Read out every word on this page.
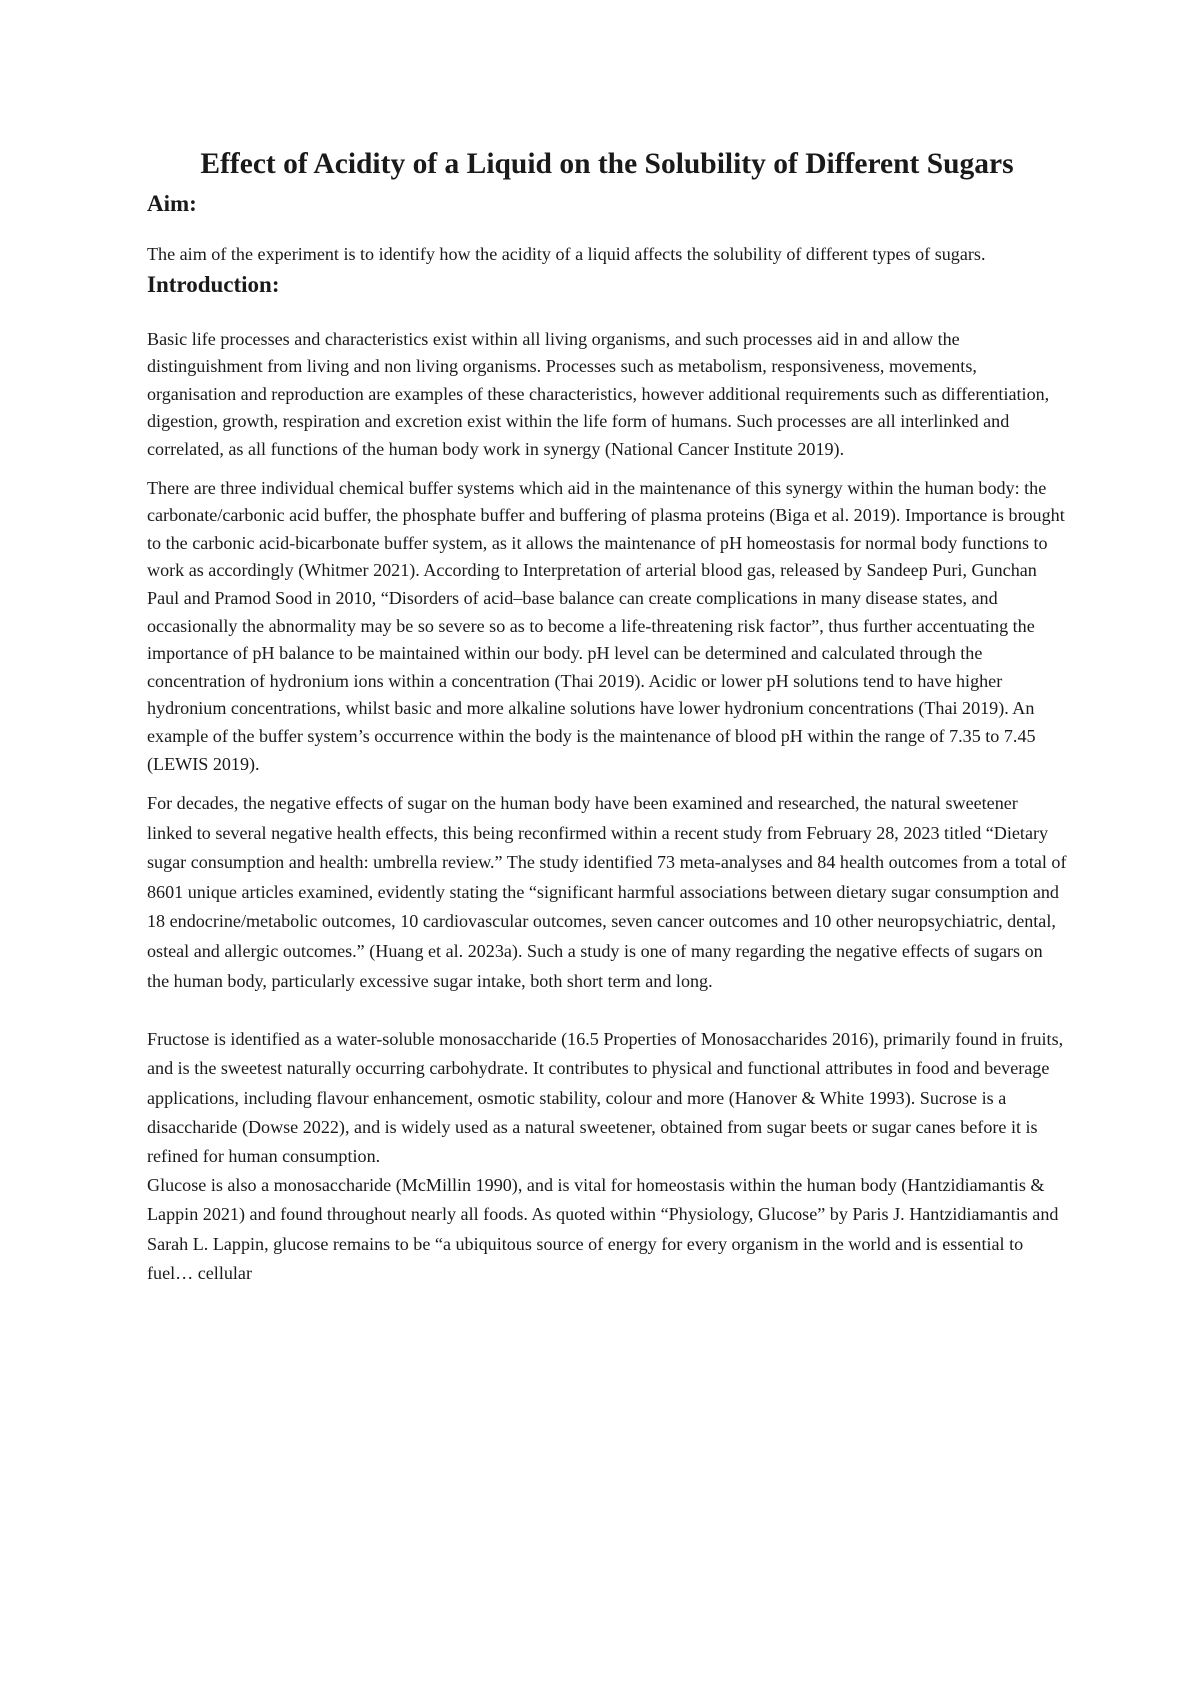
Effect of Acidity of a Liquid on the Solubility of Different Sugars
Aim:

The aim of the experiment is to identify how the acidity of a liquid affects the solubility of different types of sugars.

Introduction:

Basic life processes and characteristics exist within all living organisms, and such processes aid in and allow the distinguishment from living and non living organisms. Processes such as metabolism, responsiveness, movements, organisation and reproduction are examples of these characteristics, however additional requirements such as differentiation, digestion, growth, respiration and excretion exist within the life form of humans. Such processes are all interlinked and correlated, as all functions of the human body work in synergy (National Cancer Institute 2019).

There are three individual chemical buffer systems which aid in the maintenance of this synergy within the human body: the carbonate/carbonic acid buffer, the phosphate buffer and buffering of plasma proteins (Biga et al. 2019). Importance is brought to the carbonic acid-bicarbonate buffer system, as it allows the maintenance of pH homeostasis for normal body functions to work as accordingly (Whitmer 2021). According to Interpretation of arterial blood gas, released by Sandeep Puri, Gunchan Paul and Pramod Sood in 2010, “Disorders of acid–base balance can create complications in many disease states, and occasionally the abnormality may be so severe so as to become a life-threatening risk factor”, thus further accentuating the importance of pH balance to be maintained within our body. pH level can be determined and calculated through the concentration of hydronium ions within a concentration (Thai 2019). Acidic or lower pH solutions tend to have higher hydronium concentrations, whilst basic and more alkaline solutions have lower hydronium concentrations (Thai 2019). An example of the buffer system’s occurrence within the body is the maintenance of blood pH within the range of 7.35 to 7.45 (LEWIS 2019).

For decades, the negative effects of sugar on the human body have been examined and researched, the natural sweetener linked to several negative health effects, this being reconfirmed within a recent study from February 28, 2023 titled “Dietary sugar consumption and health: umbrella review.” The study identified 73 meta-analyses and 84 health outcomes from a total of 8601 unique articles examined, evidently stating the “significant harmful associations between dietary sugar consumption and 18 endocrine/metabolic outcomes, 10 cardiovascular outcomes, seven cancer outcomes and 10 other neuropsychiatric, dental, osteal and allergic outcomes.” (Huang et al. 2023a). Such a study is one of many regarding the negative effects of sugars on the human body, particularly excessive sugar intake, both short term and long.

Fructose is identified as a water-soluble monosaccharide (16.5 Properties of Monosaccharides 2016), primarily found in fruits, and is the sweetest naturally occurring carbohydrate. It contributes to physical and functional attributes in food and beverage applications, including flavour enhancement, osmotic stability, colour and more (Hanover & White 1993). Sucrose is a disaccharide (Dowse 2022), and is widely used as a natural sweetener, obtained from sugar beets or sugar canes before it is refined for human consumption.

Glucose is also a monosaccharide (McMillin 1990), and is vital for homeostasis within the human body (Hantzidiamantis & Lappin 2021) and found throughout nearly all foods. As quoted within “Physiology, Glucose” by Paris J. Hantzidiamantis and Sarah L. Lappin, glucose remains to be “a ubiquitous source of energy for every organism in the world and is essential to fuel… cellular
